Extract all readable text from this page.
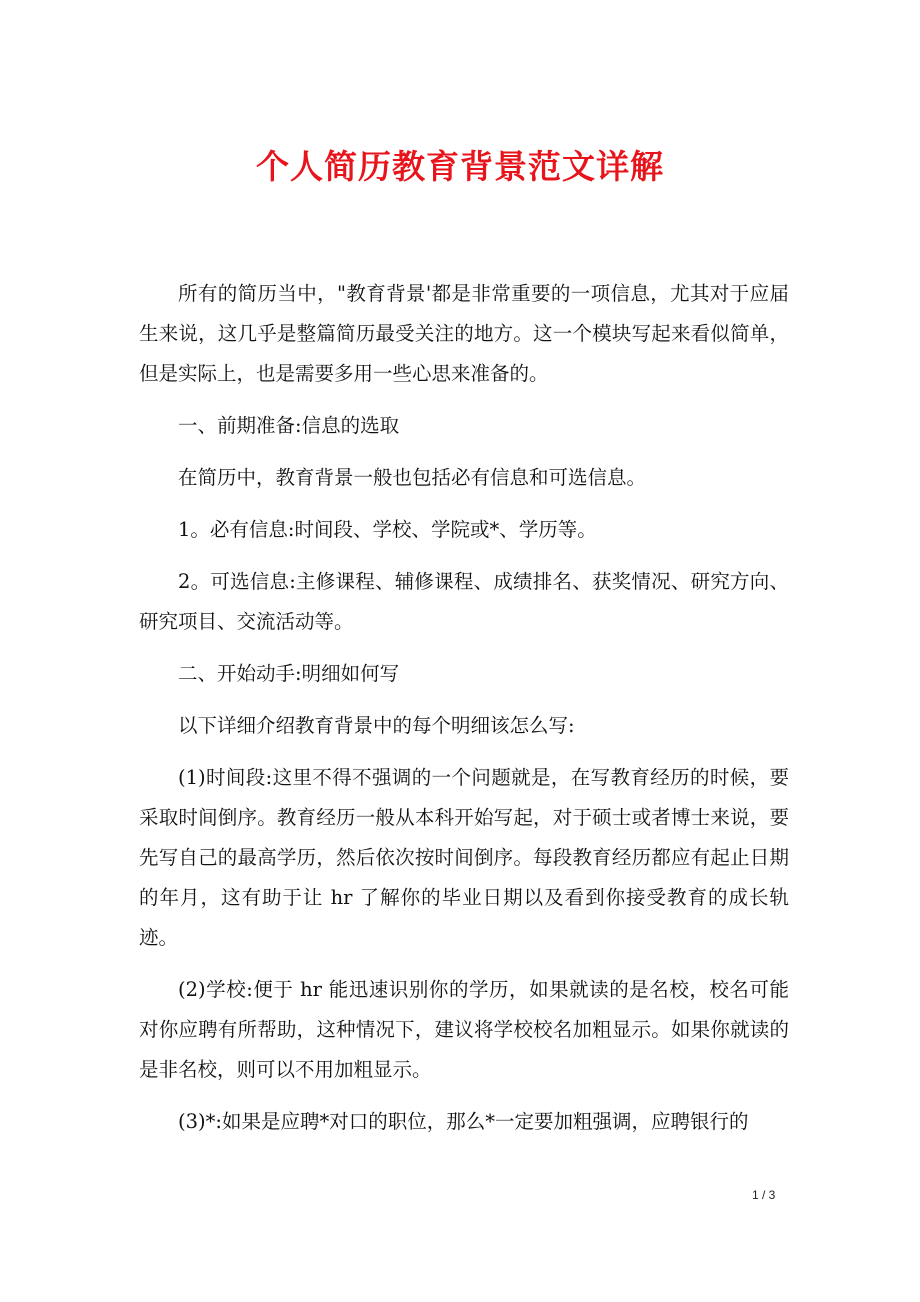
个人简历教育背景范文详解

所有的简历当中，"教育背景'都是非常重要的一项信息，尤其对于应届生来说，这几乎是整篇简历最受关注的地方。这一个模块写起来看似简单，但是实际上，也是需要多用一些心思来准备的。

一、前期准备:信息的选取

在简历中，教育背景一般也包括必有信息和可选信息。

1。必有信息:时间段、学校、学院或*、学历等。

2。可选信息:主修课程、辅修课程、成绩排名、获奖情况、研究方向、研究项目、交流活动等。

二、开始动手:明细如何写

以下详细介绍教育背景中的每个明细该怎么写:

(1)时间段:这里不得不强调的一个问题就是，在写教育经历的时候，要采取时间倒序。教育经历一般从本科开始写起，对于硕士或者博士来说，要先写自己的最高学历，然后依次按时间倒序。每段教育经历都应有起止日期的年月，这有助于让 hr 了解你的毕业日期以及看到你接受教育的成长轨迹。

(2)学校:便于 hr 能迅速识别你的学历，如果就读的是名校，校名可能对你应聘有所帮助，这种情况下，建议将学校校名加粗显示。如果你就读的是非名校，则可以不用加粗显示。

(3)*:如果是应聘*对口的职位，那么*一定要加粗强调，应聘银行的

1 / 3
